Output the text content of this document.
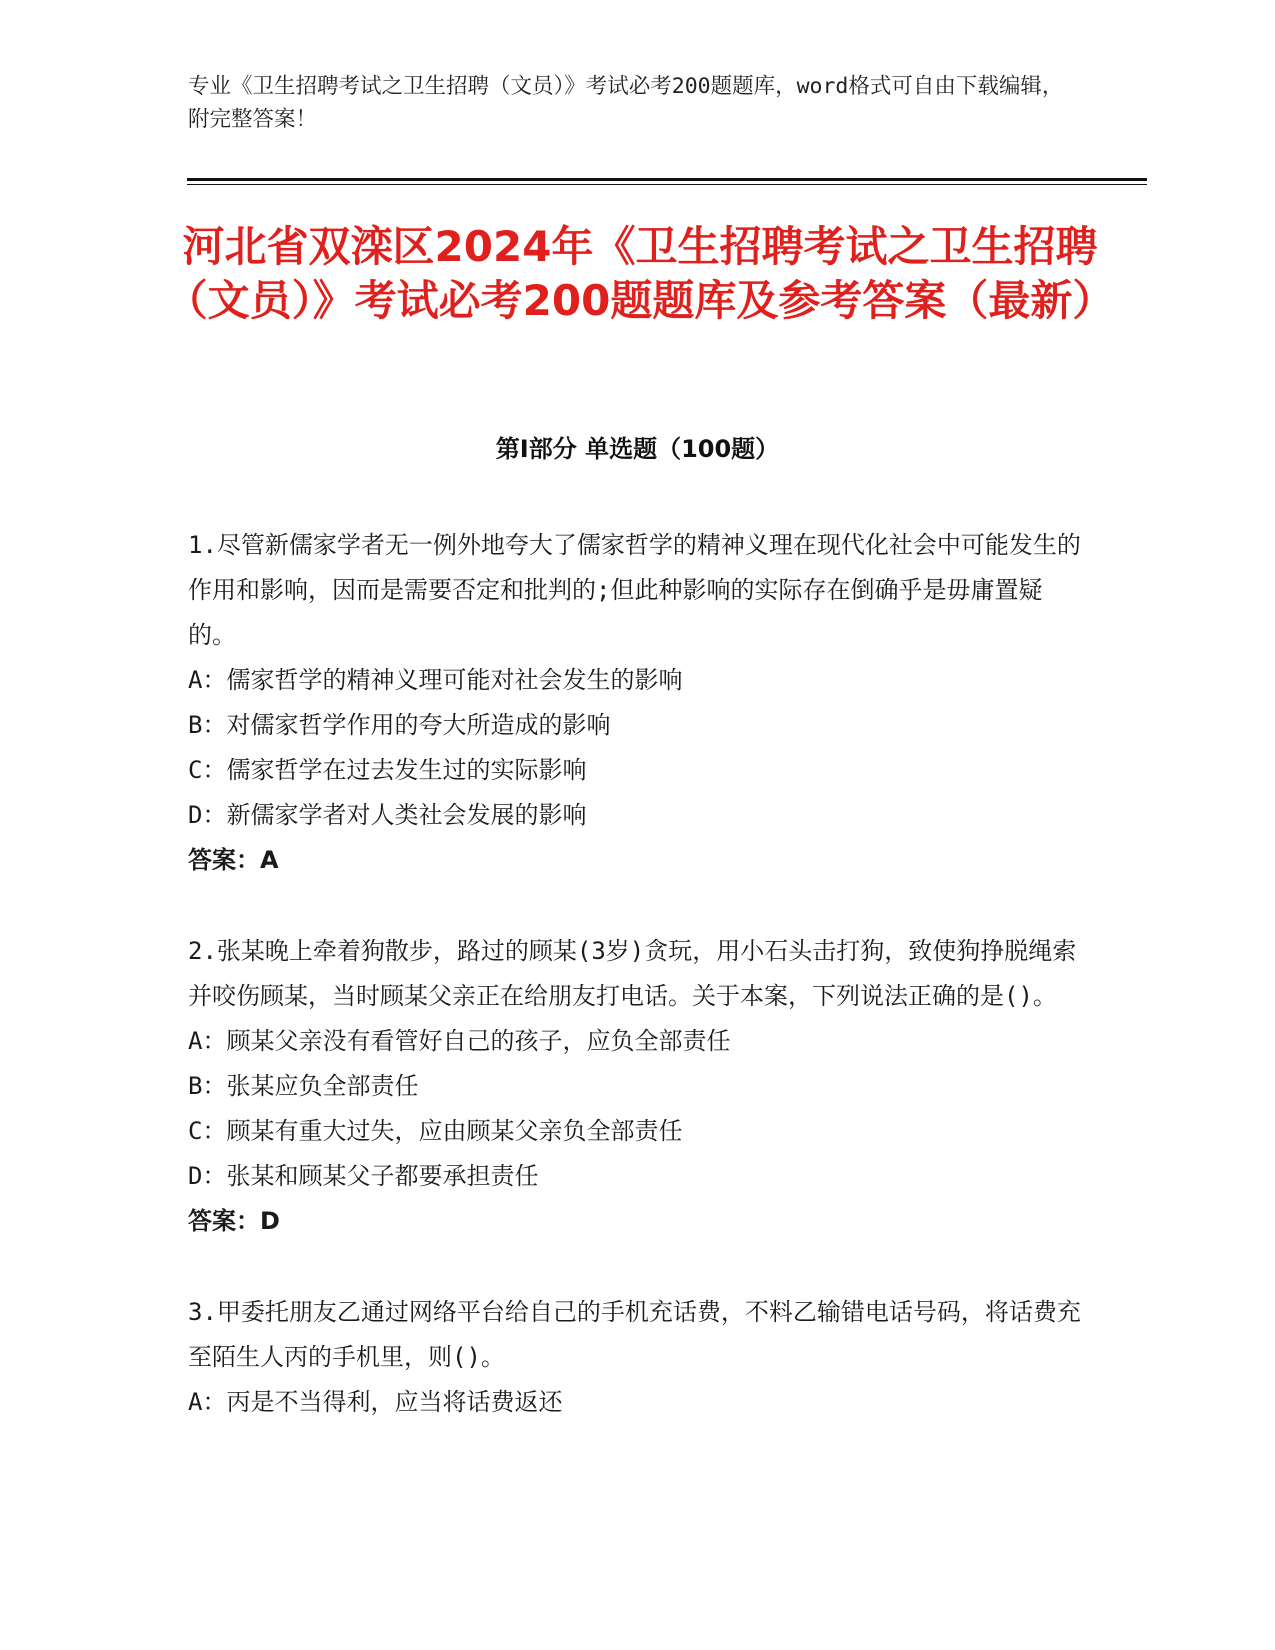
专业《卫生招聘考试之卫生招聘（文员）》考试必考200题题库，word格式可自由下载编辑，附完整答案！
河北省双滦区2024年《卫生招聘考试之卫生招聘（文员）》考试必考200题题库及参考答案（最新）
第I部分 单选题（100题）

1.尽管新儒家学者无一例外地夸大了儒家哲学的精神义理在现代化社会中可能发生的作用和影响，因而是需要否定和批判的;但此种影响的实际存在倒确乎是毋庸置疑的。

A：儒家哲学的精神义理可能对社会发生的影响

B：对儒家哲学作用的夸大所造成的影响

C：儒家哲学在过去发生过的实际影响

D：新儒家学者对人类社会发展的影响

答案：A

2.张某晚上牵着狗散步，路过的顾某(3岁)贪玩，用小石头击打狗，致使狗挣脱绳索并咬伤顾某，当时顾某父亲正在给朋友打电话。关于本案，下列说法正确的是()。

A：顾某父亲没有看管好自己的孩子，应负全部责任

B：张某应负全部责任

C：顾某有重大过失，应由顾某父亲负全部责任

D：张某和顾某父子都要承担责任

答案：D

3.甲委托朋友乙通过网络平台给自己的手机充话费，不料乙输错电话号码，将话费充至陌生人丙的手机里，则()。

A：丙是不当得利，应当将话费返还
